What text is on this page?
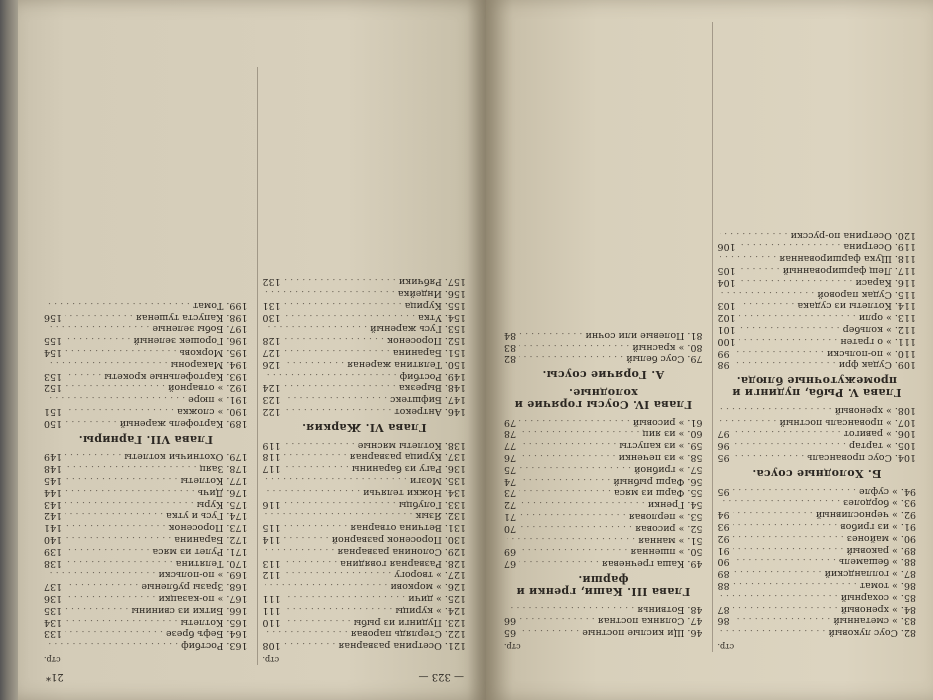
— 323 —
21*
стр.
121. Осетрина разварная . . .
108
122. Стерлядь паровая . . .
123. Пудинги из рыбы . . .
110
124. » курицы . . .
111
125. » дичи . . .
111
126. » моркови . . .
127. » творогу . . .
112
128. Разварная говядина . . .
113
129. Солонина разварная . . .
130. Поросенок разварной . . .
114
131. Ветчина отварная . . .
115
132. Язык . . .
133. Голубцы . . .
116
134. Ножки телячьи . . .
135. Мозги . . .
136. Рагу из баранины . . .
117
137. Курица разварная . . .
118
138. Котлеты мясные . . .
119
Глава VI. Жаркия.
146. Антрекот . . .
122
147. Бифштекс . . .
123
148. Вырезка . . .
124
149. Ростбиф . . .
150. Телятина жареная . . .
126
151. Баранина . . .
127
152. Поросенок . . .
128
153. Гусь жареный . . .
154. Утка . . .
130
155. Курица . . .
131
156. Индейка . . .
157. Рябчики . . .
132
стр.
163. Ростбиф . . .
164. Бефъ брезе . . .
133
165. Котлеты . . .
134
166. Битки из свинины . . .
135
167. » по-казацки . . .
136
168. Зразы рубленые . . .
137
169. » по-польски . . .
170. Телятина . . .
138
171. Рулет из мяса . . .
139
172. Баранина . . .
140
173. Поросенок . . .
141
174. Гусь и утка . . .
142
175. Куры . . .
143
176. Дичь . . .
144
177. Котлеты . . .
145
178. Заяц . . .
148
179. Охотничьи котлеты . . .
149
Глава VII. Гарниры.
189. Картофель жареный . . .
150
190. » сложка . . .
151
191. » пюре . . .
192. » отварной . . .
152
193. Картофельные крокеты . . .
153
194. Макароны . . .
195. Морковь . . .
154
196. Горошек зеленый . . .
155
197. Бобы зеленые . . .
198. Капуста тушеная . . .
156
199. Томат . . .
стр.
82. Соус луковый . . .
83. » сметанный . . .
86
84. » хреновый . . .
87
85. » сохарный . . .
86. » томат . . .
88
87. » голландский . . .
89
88. » бешамель . . .
90
89. » раковый . . .
91
90. » майонез . . .
92
91. » из грибов . . .
93
92. » черносливный . . .
94
93. » бордолез . . .
94. » суфле . . .
95
Б. Холодные соуса.
104. Соус провансаль . . .
95
105. » тартар . . .
96
106. » равигот . . .
97
107. » провансаль постный . . .
108. » хреновый . . .
Глава V. Рыба, пудинги и промежуточные блюда.
109. Судак фри . . .
98
110. » по-польски . . .
99
111. » о гратен . . .
100
112. » кольбер . . .
101
113. » орли . . .
102
114. Котлеты из судака . . .
103
115. Судак паровой . . .
116. Караси . . .
104
117. Лещ фаршированный . . .
105
118. Щука фаршированная . . .
119. Осетрина . . .
106
120. Осетрина по-русски . . .
стр.
46. Щи кислые постные . . .
65
47. Солянка постная . . .
66
48. Ботвинья . . .
Глава III. Каши, гренки и фарши.
49. Каша гречневая . . .
67
50. » пшенная . . .
69
51. » манная . . .
52. » рисовая . . .
70
53. » перловая . . .
71
54. Гренки . . .
72
55. Фарш из мяса . . .
73
56. Фарш рыбный . . .
74
57. » грибной . . .
75
58. » из печенки . . .
76
59. » из капусты . . .
77
60. » из яиц . . .
78
61. » рисовый . . .
79
Глава IV. Соусы горячие и холодные.
А. Горячие соусы.
79. Соус белый . . .
82
80. » красный . . .
83
81. Полевые или сочни . . .
84
